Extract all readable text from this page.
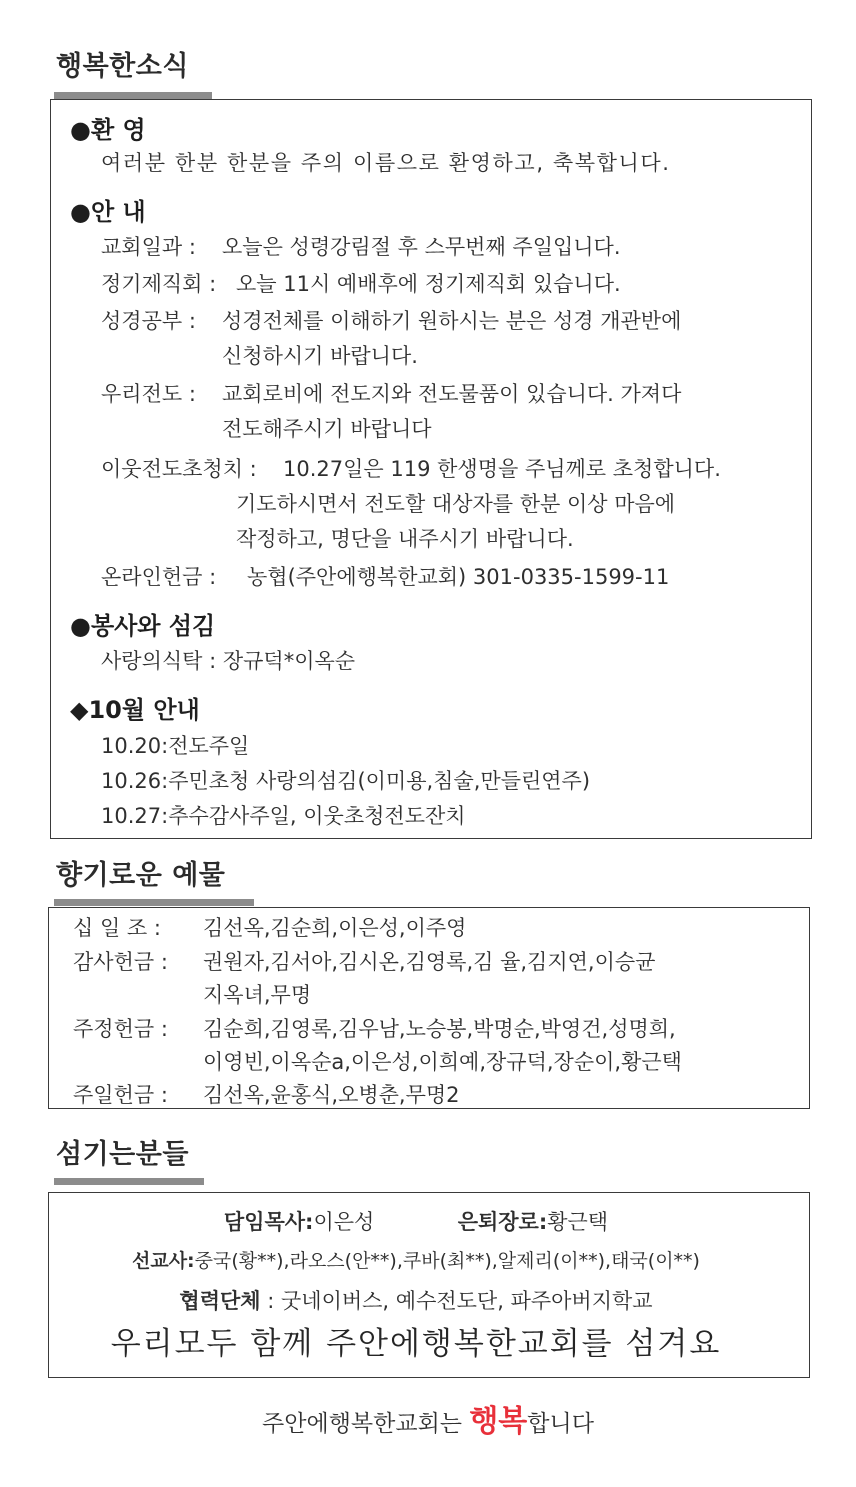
행복한소식
●환 영
여러분 한분 한분을 주의 이름으로 환영하고, 축복합니다.
●안 내
교회일과 : 오늘은 성령강림절 후 스무번째 주일입니다.
정기제직회 : 오늘 11시 예배후에 정기제직회 있습니다.
성경공부 : 성경전체를 이해하기 원하시는 분은 성경 개관반에
신청하시기 바랍니다.
우리전도 : 교회로비에 전도지와 전도물품이 있습니다. 가져다
전도해주시기 바랍니다
이웃전도초청치 : 10.27일은 119 한생명을 주님께로 초청합니다.
기도하시면서 전도할 대상자를 한분 이상 마음에
작정하고, 명단을 내주시기 바랍니다.
온라인헌금 : 농협(주안에행복한교회) 301-0335-1599-11
●봉사와 섬김
사랑의식탁 : 장규덕*이옥순
◆10월 안내
10.20:전도주일
10.26:주민초청 사랑의섬김(이미용,침술,만들린연주)
10.27:추수감사주일, 이웃초청전도잔치
향기로운 예물
십 일 조 : 김선옥,김순희,이은성,이주영
감사헌금 : 권원자,김서아,김시온,김영록,김 율,김지연,이승균
지옥녀,무명
주정헌금 : 김순희,김영록,김우남,노승봉,박명순,박영건,성명희,
이영빈,이옥순a,이은성,이희예,장규덕,장순이,황근택
주일헌금 : 김선옥,윤홍식,오병춘,무명2
섬기는분들
담임목사:이은성	은퇴장로:황근택
선교사:중국(황**),라오스(안**),쿠바(최**),알제리(이**),태국(이**)
협력단체 : 굿네이버스, 예수전도단, 파주아버지학교
우리모두 함께 주안에행복한교회를 섬겨요
주안에행복한교회는 행복합니다
